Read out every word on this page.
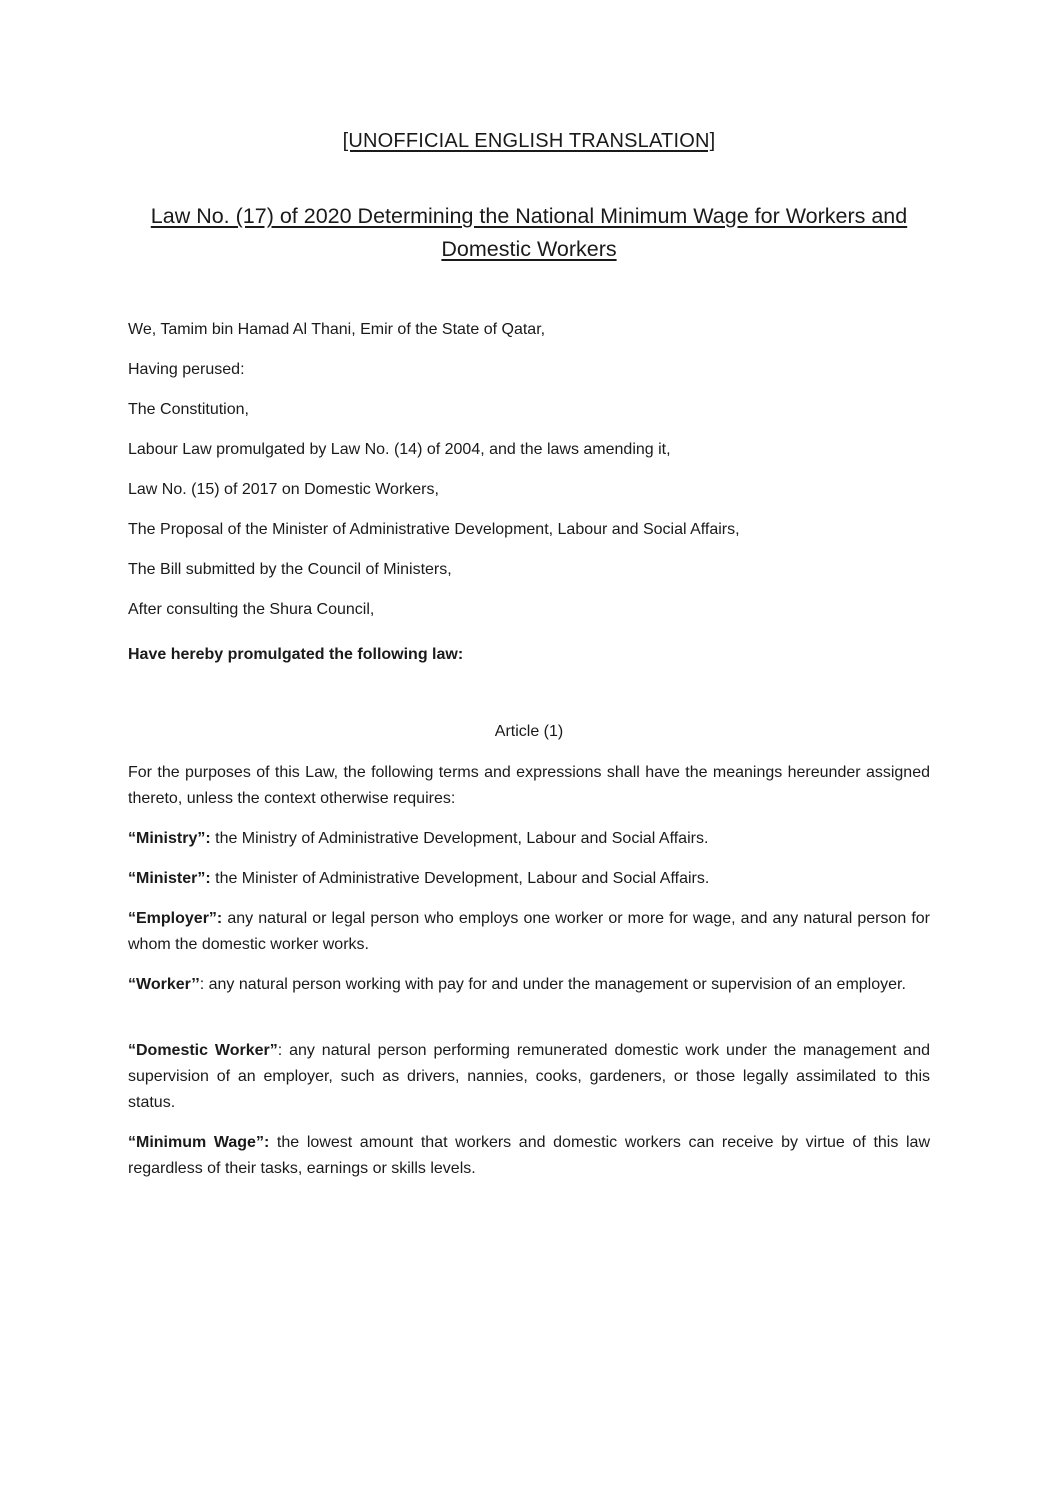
[UNOFFICIAL ENGLISH TRANSLATION]
Law No. (17) of 2020 Determining the National Minimum Wage for Workers and Domestic Workers
We, Tamim bin Hamad Al Thani, Emir of the State of Qatar,
Having perused:
The Constitution,
Labour Law promulgated by Law No. (14) of 2004, and the laws amending it,
Law No. (15) of 2017 on Domestic Workers,
The Proposal of the Minister of Administrative Development, Labour and Social Affairs,
The Bill submitted by the Council of Ministers,
After consulting the Shura Council,
Have hereby promulgated the following law:
Article (1)
For the purposes of this Law, the following terms and expressions shall have the meanings hereunder assigned thereto, unless the context otherwise requires:
“Ministry”: the Ministry of Administrative Development, Labour and Social Affairs.
“Minister”: the Minister of Administrative Development, Labour and Social Affairs.
“Employer”: any natural or legal person who employs one worker or more for wage, and any natural person for whom the domestic worker works.
“Worker’’: any natural person working with pay for and under the management or supervision of an employer.
“Domestic Worker”: any natural person performing remunerated domestic work under the management and supervision of an employer, such as drivers, nannies, cooks, gardeners, or those legally assimilated to this status.
“Minimum Wage”: the lowest amount that workers and domestic workers can receive by virtue of this law regardless of their tasks, earnings or skills levels.
